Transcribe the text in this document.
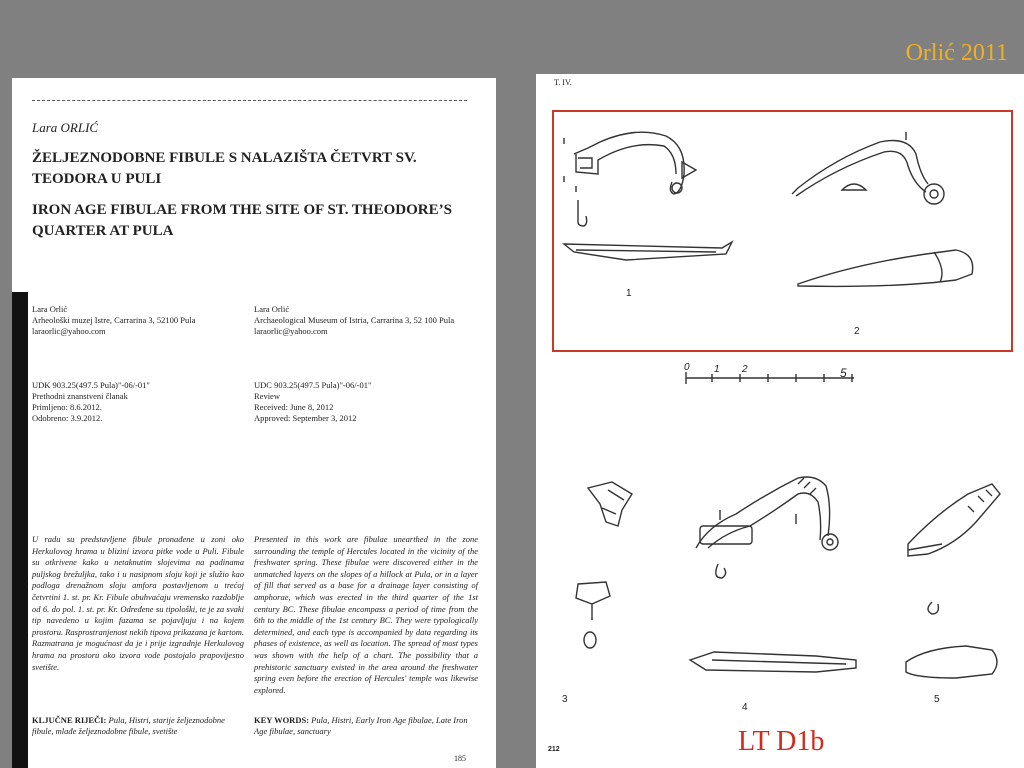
Orlić 2011
Lara ORLIĆ
ŽELJEZNODOBNE FIBULE S NALAZIŠTA ČETVRT SV. TEODORA U PULI
IRON AGE FIBULAE FROM THE SITE OF ST. THEODORE’S QUARTER AT PULA
Lara Orlić
Arheološki muzej Istre, Carrarina 3, 52100 Pula
laraorlic@yahoo.com
Lara Orlić
Archaeological Museum of Istria, Carrarina 3, 52 100 Pula
laraorlic@yahoo.com
UDK 903.25(497.5 Pula)"-06/-01"
Prethodni znanstveni članak
Primljeno: 8.6.2012.
Odobreno: 3.9.2012.
UDC 903.25(497.5 Pula)"-06/-01"
Review
Received: June 8, 2012
Approved: September 3, 2012
U radu su predstavljene fibule pronađene u zoni oko Herkulovog hrama u blizini izvora pitke vode u Puli. Fibule su otkrivene kako u netaknutim slojevima na padinama puljskog brežuljka, tako i u nasipnom sloju koji je služio kao podloga drenažnom sloju amfora postavljenom u trećoj četvrtini 1. st. pr. Kr. Fibule obuhvaćaju vremensko razdoblje od 6. do pol. 1. st. pr. Kr. Određene su tipološki, te je za svaki tip navedeno u kojim fazama se pojavljuju i na kojem prostoru. Rasprostranjenost nekih tipova prikazana je kartom. Razmatrana je mogućnost da je i prije izgradnje Herkulovog hrama na prostoru oko izvora vode postojalo prapovijesno svetište.
Presented in this work are fibulae unearthed in the zone surrounding the temple of Hercules located in the vicinity of the freshwater spring. These fibulae were discovered either in the unmatched layers on the slopes of a hillock at Pula, or in a layer of fill that served as a base for a drainage layer consisting of amphorae, which was erected in the third quarter of the 1st century BC. These fibulae encompass a period of time from the 6th to the middle of the 1st century BC. They were typologically determined, and each type is accompanied by data regarding its phases of existence, as well as location. The spread of most types was shown with the help of a chart. The possibility that a prehistoric sanctuary existed in the area around the freshwater spring even before the erection of Hercules' temple was likewise explored.
KLJUČNE RIJEČI: Pula, Histri, starije željeznodobne fibule, mlađe željeznodobne fibule, svetište
KEY WORDS: Pula, Histri, Early Iron Age fibulae, Late Iron Age fibulae, sanctuary
185
T. IV.
1
2
3
4
5
0 1 2	5
212	LT D1b
